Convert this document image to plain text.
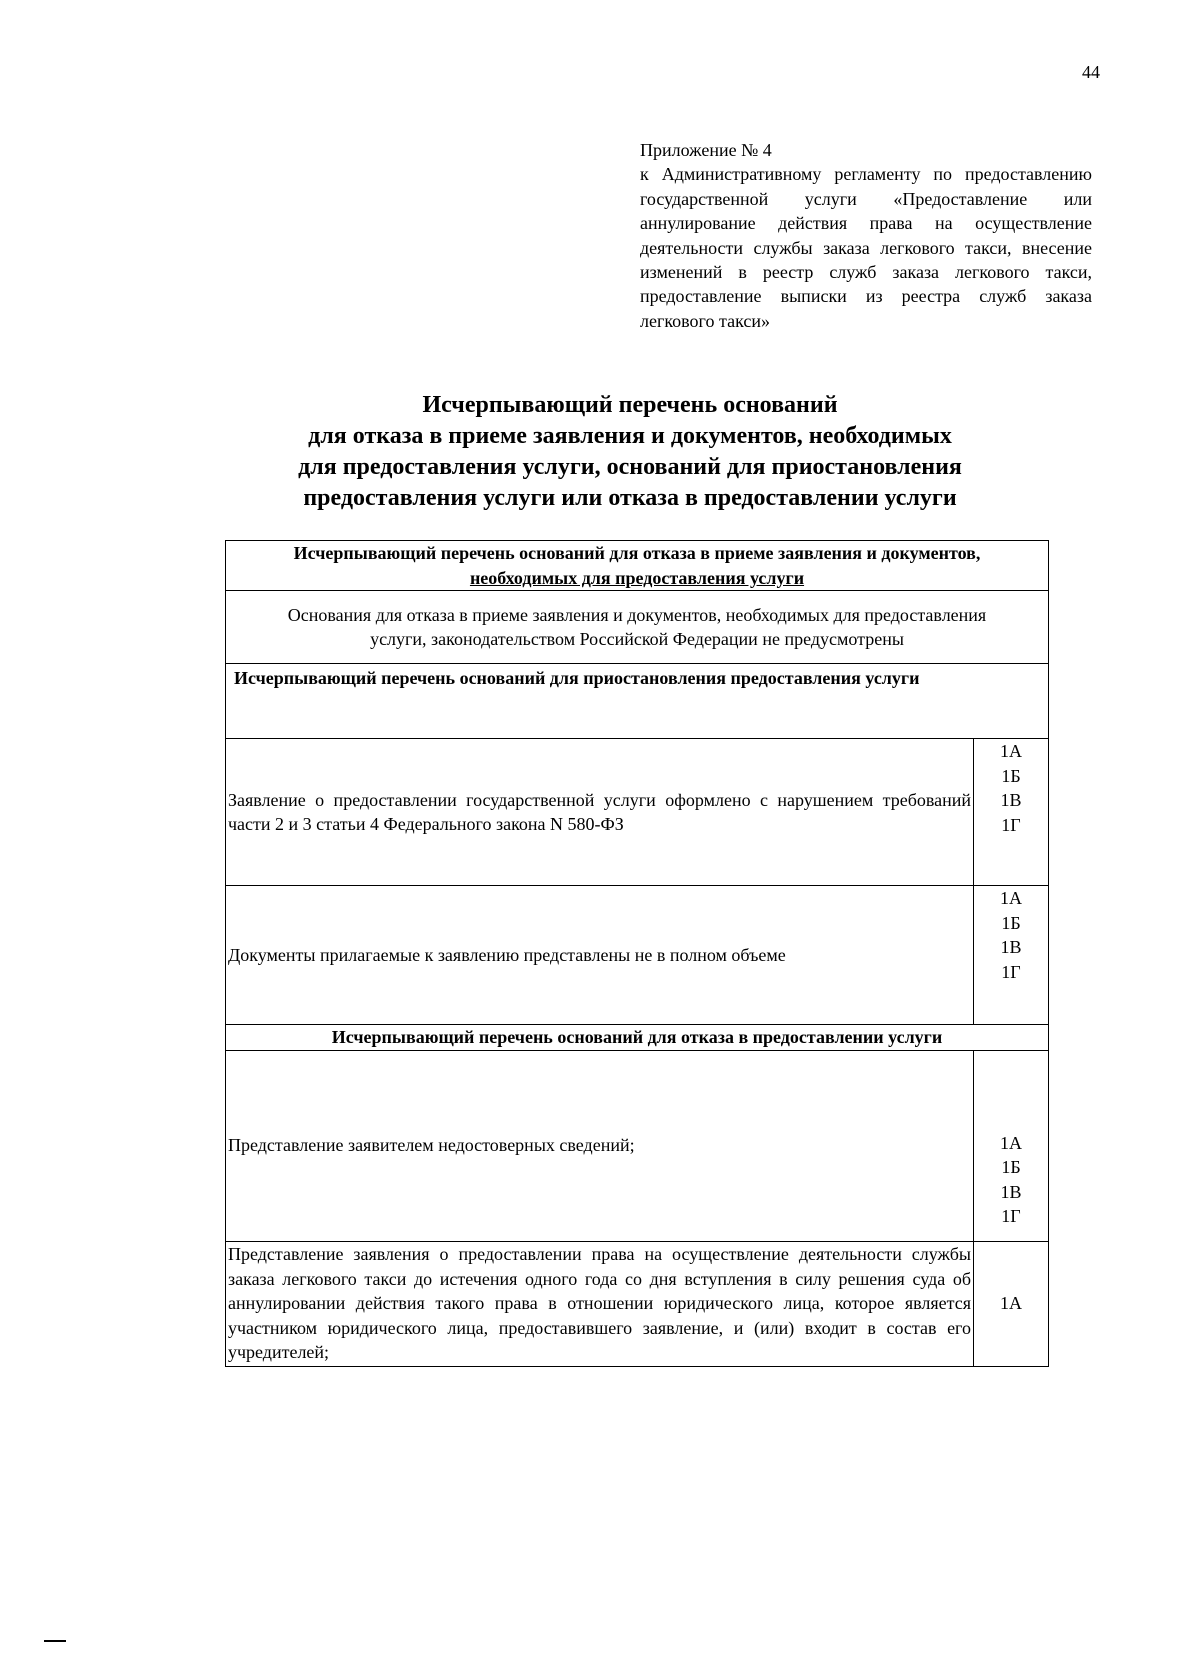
44
Приложение № 4
к Административному регламенту по предоставлению государственной услуги «Предоставление или аннулирование действия права на осуществление деятельности службы заказа легкового такси, внесение изменений в реестр служб заказа легкового такси, предоставление выписки из реестра служб заказа легкового такси»
Исчерпывающий перечень оснований
для отказа в приеме заявления и документов, необходимых
для предоставления услуги, оснований для приостановления
предоставления услуги или отказа в предоставлении услуги
Исчерпывающий перечень оснований для отказа в приеме заявления и документов,
необходимых для предоставления услуги	

Основания для отказа в приеме заявления и документов, необходимых для предоставления услуги, законодательством Российской Федерации не предусмотрены	
Исчерпывающий перечень оснований для приостановления предоставления услуги	
Заявление о предоставлении государственной услуги оформлено с нарушением требований части 2 и 3 статьи 4 Федерального закона N 580-ФЗ	1А
1Б
1В
1Г

Документы прилагаемые к заявлению представлены не в полном объеме	1А
1Б
1В
1Г

Исчерпывающий перечень оснований для отказа в предоставлении услуги	
Представление заявителем недостоверных сведений;	1А
1Б
1В
1Г

Представление заявления о предоставлении права на осуществление деятельности службы заказа легкового такси до истечения одного года со дня вступления в силу решения суда об аннулировании действия такого права в отношении юридического лица, которое является участником юридического лица, предоставившего заявление, и (или) входит в состав его учредителей;	1А
